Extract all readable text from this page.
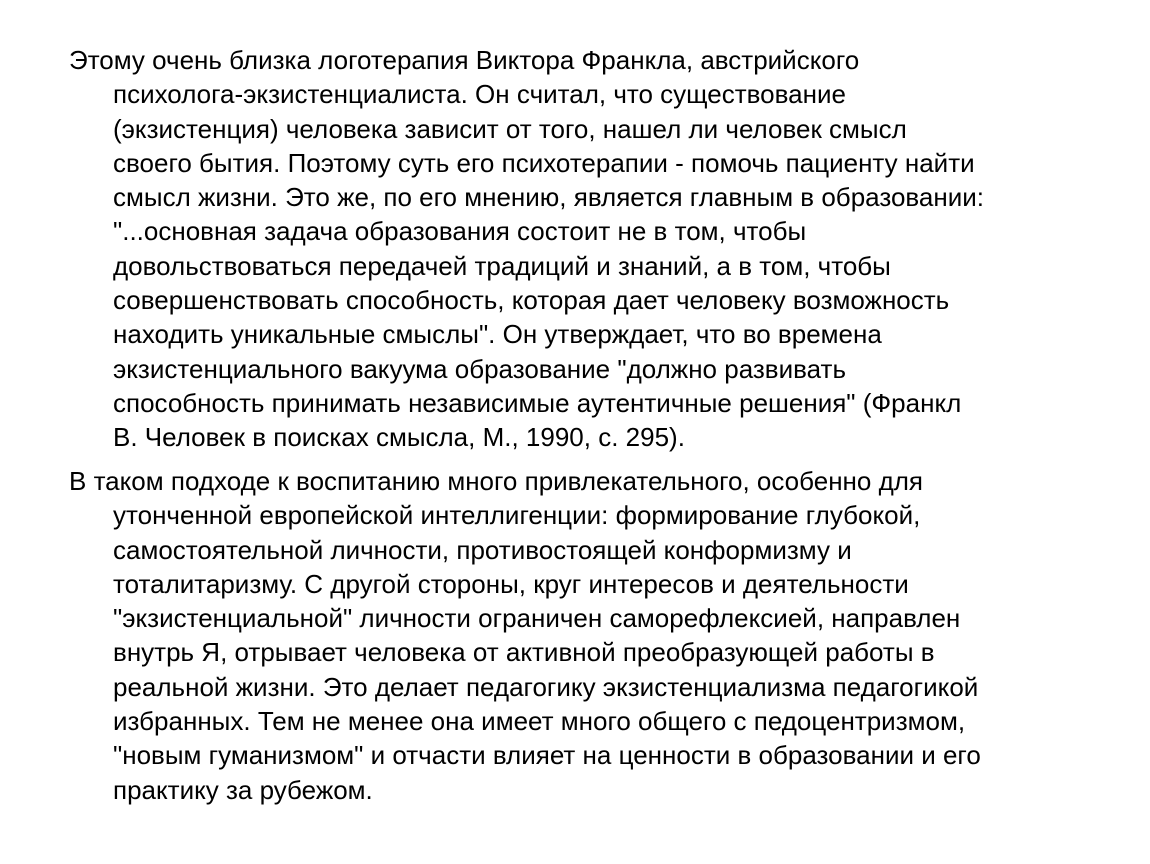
Этому очень близка логотерапия Виктора Франкла, австрийского
психолога-экзистенциалиста. Он считал, что существование
(экзистенция) человека зависит от того, нашел ли человек смысл
своего бытия. Поэтому суть его психотерапии - помочь пациенту найти
смысл жизни. Это же, по его мнению, является главным в образовании:
"...основная задача образования состоит не в том, чтобы
довольствоваться передачей традиций и знаний, а в том, чтобы
совершенствовать способность, которая дает человеку возможность
находить уникальные смыслы". Он утверждает, что во времена
экзистенциального вакуума образование "должно развивать
способность принимать независимые аутентичные решения" (Франкл
В. Человек в поисках смысла, М., 1990, с. 295).
В таком подходе к воспитанию много привлекательного, особенно для
утонченной европейской интеллигенции: формирование глубокой,
самостоятельной личности, противостоящей конформизму и
тоталитаризму. С другой стороны, круг интересов и деятельности
"экзистенциальной" личности ограничен саморефлексией, направлен
внутрь Я, отрывает человека от активной преобразующей работы в
реальной жизни. Это делает педагогику экзистенциализма педагогикой
избранных. Тем не менее она имеет много общего с педоцентризмом,
"новым гуманизмом" и отчасти влияет на ценности в образовании и его
практику за рубежом.
